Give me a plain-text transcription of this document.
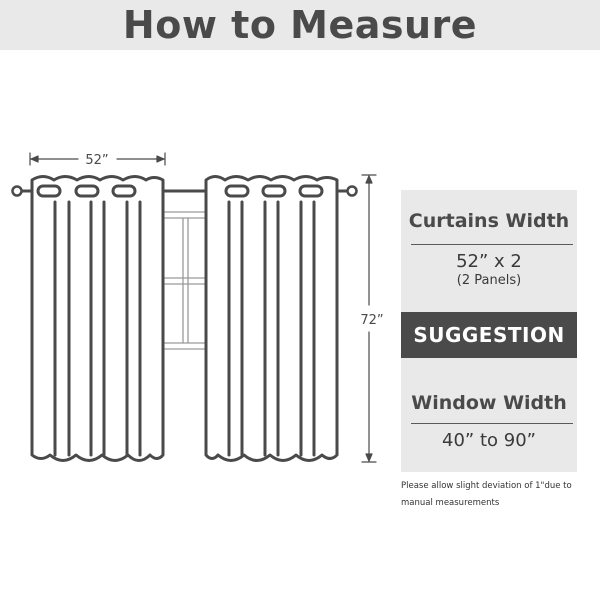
How to Measure
52”
72”
Curtains Width
52” x 2
(2 Panels)
SUGGESTION
Window Width
40” to 90”
Please allow slight deviation of 1"due to manual measurements
